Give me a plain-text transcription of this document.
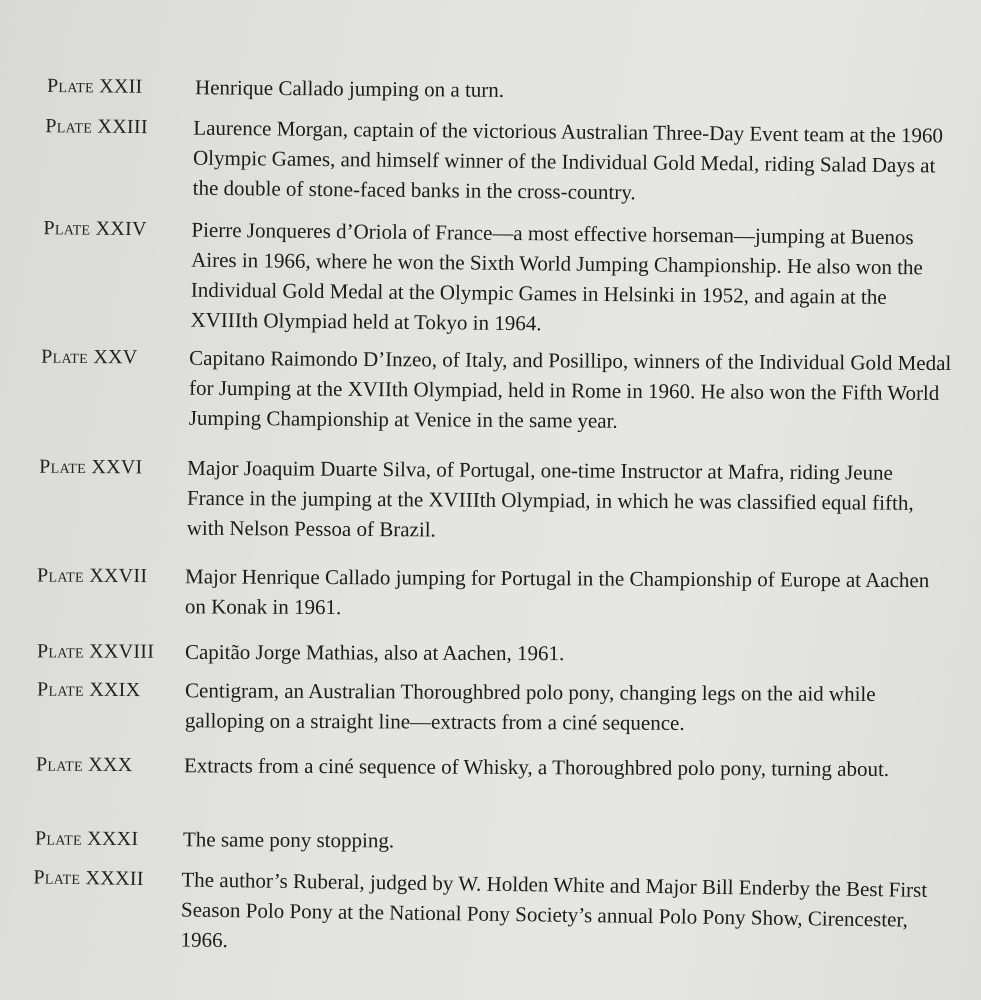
Plate XXII	Henrique Callado jumping on a turn.
Plate XXIII	Laurence Morgan, captain of the victorious Australian Three-Day Event team at the 1960 Olympic Games, and himself winner of the Individual Gold Medal, riding Salad Days at the double of stone-faced banks in the cross-country.
Plate XXIV	Pierre Jonqueres d’Oriola of France—a most effective horseman—jumping at Buenos Aires in 1966, where he won the Sixth World Jumping Championship. He also won the Individual Gold Medal at the Olympic Games in Helsinki in 1952, and again at the XVIIIth Olympiad held at Tokyo in 1964.
Plate XXV	Capitano Raimondo D’Inzeo, of Italy, and Posillipo, winners of the Individual Gold Medal for Jumping at the XVIIth Olympiad, held in Rome in 1960. He also won the Fifth World Jumping Championship at Venice in the same year.
Plate XXVI	Major Joaquim Duarte Silva, of Portugal, one-time Instructor at Mafra, riding Jeune France in the jumping at the XVIIIth Olympiad, in which he was classified equal fifth, with Nelson Pessoa of Brazil.
Plate XXVII	Major Henrique Callado jumping for Portugal in the Championship of Europe at Aachen on Konak in 1961.
Plate XXVIII	Capitão Jorge Mathias, also at Aachen, 1961.
Plate XXIX	Centigram, an Australian Thoroughbred polo pony, changing legs on the aid while galloping on a straight line—extracts from a ciné sequence.
Plate XXX	Extracts from a ciné sequence of Whisky, a Thoroughbred polo pony, turning about.
Plate XXXI	The same pony stopping.
Plate XXXII	The author’s Ruberal, judged by W. Holden White and Major Bill Enderby the Best First Season Polo Pony at the National Pony Society’s annual Polo Pony Show, Cirencester, 1966.
